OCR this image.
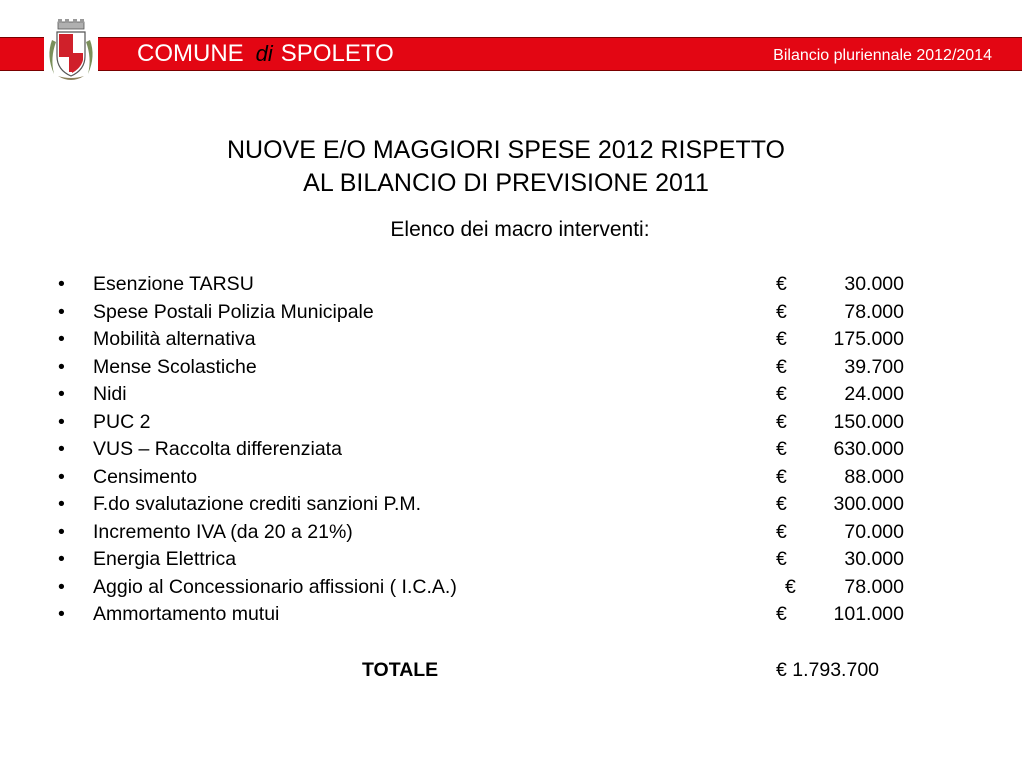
COMUNE di SPOLETO	Bilancio pluriennale 2012/2014
NUOVE E/O MAGGIORI SPESE 2012 RISPETTO
AL BILANCIO DI PREVISIONE 2011
Elenco dei macro interventi:
•	Esenzione TARSU	€	30.000
•	Spese Postali Polizia Municipale	€	78.000
•	Mobilità alternativa	€ 175.000
•	Mense Scolastiche	€	39.700
•	Nidi	€	24.000
•	PUC 2	€ 150.000
•	VUS – Raccolta differenziata	€ 630.000
•	Censimento	€	88.000
•	F.do svalutazione crediti sanzioni P.M.	€ 300.000
•	Incremento IVA (da 20 a 21%)	€	70.000
•	Energia Elettrica	€	30.000
•	Aggio al Concessionario affissioni ( I.C.A.)	€ 78.000
•	Ammortamento mutui	€ 101.000
TOTALE	€ 1.793.700
